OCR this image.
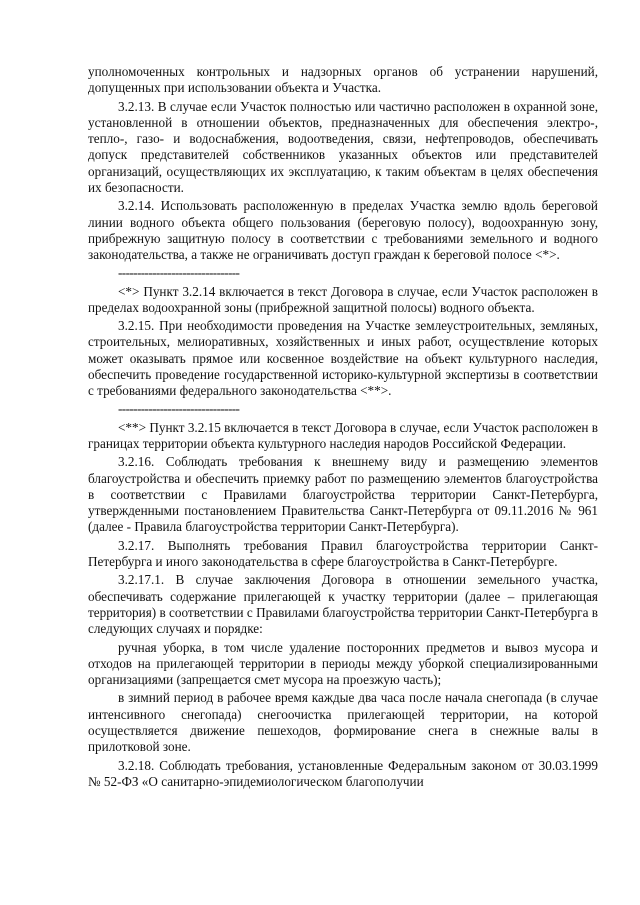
уполномоченных контрольных и надзорных органов об устранении нарушений, допущенных при использовании объекта и Участка.

3.2.13. В случае если Участок полностью или частично расположен в охранной зоне, установленной в отношении объектов, предназначенных для обеспечения электро-, тепло-, газо- и водоснабжения, водоотведения, связи, нефтепроводов, обеспечивать допуск представителей собственников указанных объектов или представителей организаций, осуществляющих их эксплуатацию, к таким объектам в целях обеспечения их безопасности.

3.2.14. Использовать расположенную в пределах Участка землю вдоль береговой линии водного объекта общего пользования (береговую полосу), водоохранную зону, прибрежную защитную полосу в соответствии с требованиями земельного и водного законодательства, а также не ограничивать доступ граждан к береговой полосе <*>.

--------------------------------

<*> Пункт 3.2.14 включается в текст Договора в случае, если Участок расположен в пределах водоохранной зоны (прибрежной защитной полосы) водного объекта.

3.2.15. При необходимости проведения на Участке землеустроительных, земляных, строительных, мелиоративных, хозяйственных и иных работ, осуществление которых может оказывать прямое или косвенное воздействие на объект культурного наследия, обеспечить проведение государственной историко-культурной экспертизы в соответствии с требованиями федерального законодательства <**>.

--------------------------------

<**> Пункт 3.2.15 включается в текст Договора в случае, если Участок расположен в границах территории объекта культурного наследия народов Российской Федерации.

3.2.16. Соблюдать требования к внешнему виду и размещению элементов благоустройства и обеспечить приемку работ по размещению элементов благоустройства в соответствии с Правилами благоустройства территории Санкт-Петербурга, утвержденными постановлением Правительства Санкт-Петербурга от 09.11.2016 № 961 (далее - Правила благоустройства территории Санкт-Петербурга).

3.2.17. Выполнять требования Правил благоустройства территории Санкт-Петербурга и иного законодательства в сфере благоустройства в Санкт-Петербурге.

3.2.17.1. В случае заключения Договора в отношении земельного участка, обеспечивать содержание прилегающей к участку территории (далее – прилегающая территория) в соответствии с Правилами благоустройства территории Санкт-Петербурга в следующих случаях и порядке:

ручная уборка, в том числе удаление посторонних предметов и вывоз мусора и отходов на прилегающей территории в периоды между уборкой специализированными организациями (запрещается смет мусора на проезжую часть);

в зимний период в рабочее время каждые два часа после начала снегопада (в случае интенсивного снегопада) снегоочистка прилегающей территории, на которой осуществляется движение пешеходов, формирование снега в снежные валы в прилотковой зоне.

3.2.18. Соблюдать требования, установленные Федеральным законом от 30.03.1999 № 52-ФЗ «О санитарно-эпидемиологическом благополучии
